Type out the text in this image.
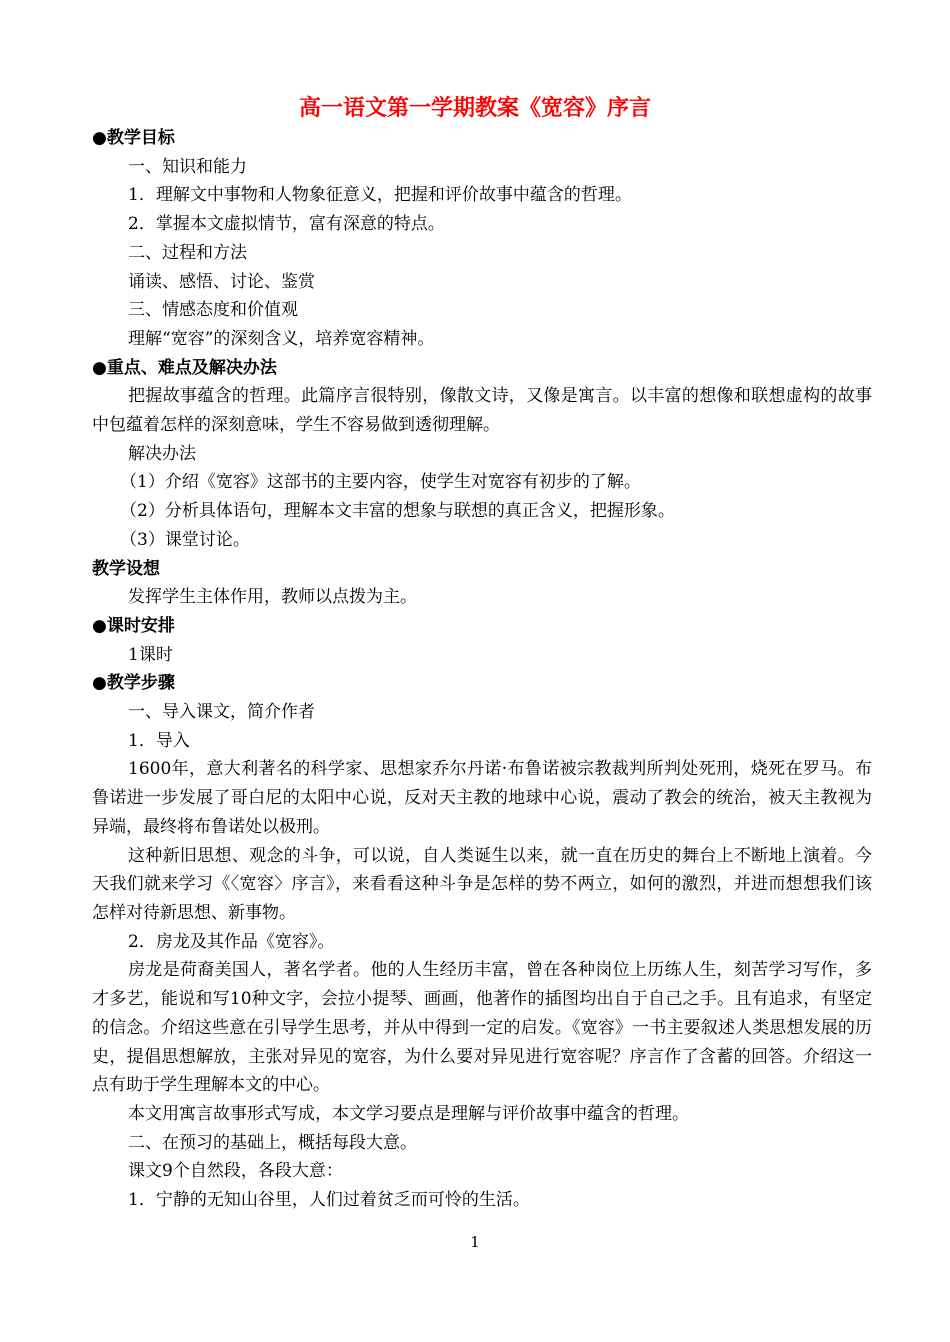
高一语文第一学期教案《宽容》序言
●教学目标
一、知识和能力
1．理解文中事物和人物象征意义，把握和评价故事中蕴含的哲理。
2．掌握本文虚拟情节，富有深意的特点。
二、过程和方法
诵读、感悟、讨论、鉴赏
三、情感态度和价值观
理解“宽容”的深刻含义，培养宽容精神。
●重点、难点及解决办法

把握故事蕴含的哲理。此篇序言很特别，像散文诗，又像是寓言。以丰富的想像和联想虚构的故事中包蕴着怎样的深刻意味，学生不容易做到透彻理解。

解决办法
（1）介绍《宽容》这部书的主要内容，使学生对宽容有初步的了解。
（2）分析具体语句，理解本文丰富的想象与联想的真正含义，把握形象。
（3）课堂讨论。
教学设想
发挥学生主体作用，教师以点拨为主。
●课时安排
1课时
●教学步骤
一、导入课文，简介作者
1．导入

1600年，意大利著名的科学家、思想家乔尔丹诺·布鲁诺被宗教裁判所判处死刑，烧死在罗马。布鲁诺进一步发展了哥白尼的太阳中心说，反对天主教的地球中心说，震动了教会的统治，被天主教视为异端，最终将布鲁诺处以极刑。

这种新旧思想、观念的斗争，可以说，自人类诞生以来，就一直在历史的舞台上不断地上演着。今天我们就来学习《〈宽容〉序言》，来看看这种斗争是怎样的势不两立，如何的激烈，并进而想想我们该怎样对待新思想、新事物。

2．房龙及其作品《宽容》。

房龙是荷裔美国人，著名学者。他的人生经历丰富，曾在各种岗位上历练人生，刻苦学习写作，多才多艺，能说和写10种文字，会拉小提琴、画画，他著作的插图均出自于自己之手。且有追求，有坚定的信念。介绍这些意在引导学生思考，并从中得到一定的启发。《宽容》一书主要叙述人类思想发展的历史，提倡思想解放，主张对异见的宽容，为什么要对异见进行宽容呢？序言作了含蓄的回答。介绍这一点有助于学生理解本文的中心。

本文用寓言故事形式写成，本文学习要点是理解与评价故事中蕴含的哲理。
二、在预习的基础上，概括每段大意。
课文9个自然段，各段大意：
1．宁静的无知山谷里，人们过着贫乏而可怜的生活。
1
